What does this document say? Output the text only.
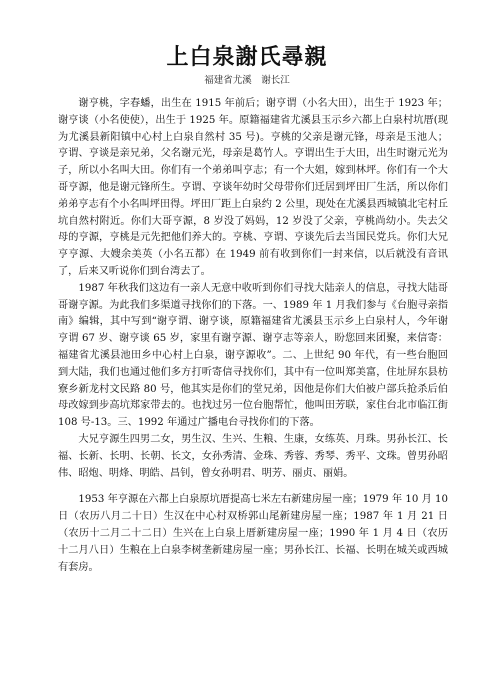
上白泉謝氏尋親
福建省尤溪　谢长江

谢亨桃，字春蟠，出生在 1915 年前后；谢亨谓（小名大田），出生于 1923 年；谢亨谈（小名使使），出生于 1925 年。原籍福建省尤溪县玉示乡六都上白泉村坑厝(现为尤溪县新阳镇中心村上白泉自然村 35 号)。亨桃的父亲是谢元锋，母亲是玉池人；亨谓、亨谈是亲兄弟，父名谢元光，母亲是葛竹人。亨谓出生于大田，出生时谢元光为子，所以小名叫大田。你们有一个弟弟叫亨志；有一个大姐，嫁到林坪。你们有一个大哥亨源，他是谢元锋所生。亨谓、亨谈年幼时父母带你们迁居到坪田厂生活，所以你们弟弟亨志有个小名叫坪田得。坪田厂距上白泉约 2 公里，现处在尤溪县西城镇北宅村丘坑自然村附近。你们大哥亨源，8 岁没了妈妈，12 岁没了父亲，亨桃尚幼小。失去父母的亨源，亨桃是元先把他们养大的。亨桃、亨谓、亨谈先后去当国民党兵。你们大兄亨亨源、大嫂余美英（小名五都）在 1949 前有收到你们一封来信，以后就没有音讯了，后来又听说你们到台湾去了。

1987 年秋我们这边有一亲人无意中收听到你们寻找大陆亲人的信息，寻找大陆哥哥谢亨源。为此我们多渠道寻找你们的下落。一、1989 年 1 月我们参与《台胞寻亲指南》编辑，其中写到“谢亨谓、谢亨谈，原籍福建省尤溪县玉示乡上白泉村人，今年谢亨谓 67 岁、谢亨谈 65 岁，家里有谢亨源、谢亨志等亲人，盼您回来团聚，来信寄：福建省尤溪县池田乡中心村上白泉，谢亨源收”。二、上世纪 90 年代，有一些台胞回到大陆，我们也通过他们多方打听寄信寻找你们，其中有一位叫郑美富，住址屏东县枋寮乡新龙村文民路 80 号，他其实是你们的堂兄弟，因他是你们大伯被户部兵抢杀后伯母改嫁到步高坑郑家带去的。也找过另一位台胞帮忙，他叫田芳联，家住台北市临江街 108 号-13。三、1992 年通过广播电台寻找你们的下落。

大兄亨源生四男二女，男生汉、生兴、生粮、生康，女练英、月珠。男孙长江、长福、长新、长明、长朝、长文，女孙秀清、金珠、秀蓉、秀琴、秀平、文珠。曾男孙昭伟、昭炮、明烽、明皓、昌钊，曾女孙明君、明芳、丽贞、丽娟。

1953 年亨源在六都上白泉原坑厝提高七米左右新建房屋一座；1979 年 10 月 10 日（农历八月二十日）生汉在中心村双桥郭山尾新建房屋一座；1987 年 1 月 21 日（农历十二月二十二日）生兴在上白泉上厝新建房屋一座；1990 年 1 月 4 日（农历十二月八日）生粮在上白泉李树垄新建房屋一座；男孙长江、长福、长明在城关或西城有套房。
